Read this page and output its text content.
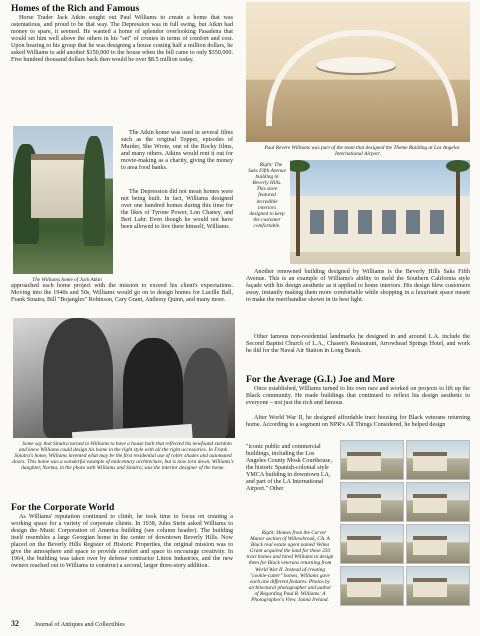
Homes of the Rich and Famous

Horse Trader Jack Atkin sought out Paul Williams to create a home that was ostentatious, and proud to be that way. The Depression was in full swing, but Atkin had money to spare, it seemed. He wanted a home of splendor overlooking Pasadena that would set him well above the others in his "set" of cronies in terms of comfort and cost. Upon bearing to his group that he was designing a house costing half a million dollars, he asked Williams to add another $150,000 to the house when the bill came to only $350,000. Five hundred thousand dollars back then would be over $8.5 million today.

The Williams home of Jack Atkin

The Atkin home was used in several films such as the original Topper, episodes of Murder, She Wrote, one of the Rocky films, and many others. Atkins would rent it out for movie-making as a charity, giving the money to area food banks.

The Depression did not mean homes were not being built. In fact, Williams designed over one hundred homes during this time for the likes of Tyrone Power, Lon Chaney, and Bert Lahr. Even though he would not have been allowed to live there himself, Williams

approached each home project with the mission to exceed his client's expectations. Moving into the 1940s and 50s, Williams would go on to design homes for Lucille Ball, Frank Sinatra, Bill "Bojangles" Robinson, Cary Grant, Anthony Quinn, and many more.

Some say that Sinatra turned to Williams to have a house built that reflected his newfound stardom and knew Williams could design his home in the right style with all the right accessories. In Frank Sinatra's home, Williams invented what may be the first residential use of roller shades and automated doors. This home was a wonderful example of midcentury architecture, but is now torn down. Williams's daughter, Norma, in the photo with Williams and Sinatra, was the interior designer of the home.

For the Corporate World

As Williams' reputation continued to climb, he took time to focus on creating a working space for a variety of corporate clients. In 1938, Jules Stein asked Williams to design the Music Corporation of America building (see column header). The building itself resembles a large Georgian home in the center of downtown Beverly Hills. Now placed on the Beverly Hills Register of Historic Properties, the original mission was to give the atmosphere and space to provide comfort and space to encourage creativity. In 1964, the building was taken over by defense contractor Litton Industries, and the new owners reached out to Williams to construct a second, larger three-story addition.

Paul Revere Williams was part of the team that designed the Theme Building at Los Angeles International Airport.

Right: The Saks Fifth Avenue building in Beverly Hills. This store featured incredible interiors designed to keep the customer comfortable.

Another renowned building designed by Williams is the Beverly Hills Saks Fifth Avenue. This is an example of Williams's ability to meld the Southern California style façade with his design aesthetic as it applied to home interiors. His design blew customers away, instantly making them more comfortable while shopping in a luxuriant space meant to make the merchandise shown in its best light.

Other famous non-residential landmarks he designed in and around L.A. include the Second Baptist Church of L.A., Chasen's Restaurant, Arrowhead Springs Hotel, and work he did for the Naval Air Station in Long Beach.

For the Average (G.I.) Joe and More

Once established, Williams turned to his own race and worked on projects to lift up the Black community. He made buildings that continued to reflect his design aesthetic to everyone – not just the rich and famous.

After World War II, he designed affordable tract housing for Black veterans returning home. According to a segment on NPR's All Things Considered, he helped design

"iconic public and commercial buildings, including the Los Angeles County Mosk Courthouse, the historic Spanish-colonial style YMCA building in downtown LA, and part of the LA International Airport." Other

Right: Homes from the Carver Manor section of Willowbrook, CA. A Black real estate agent named Velma Grant acquired the land for these 250 tract homes and hired Williams to design them for Black veterans returning from World War II. Instead of creating "cookie-cutter" homes, Williams gave each one different features. Photos by architectural photographer and author of Regarding Paul R. Williams: A Photographer's View, Janna Ireland.

32	Journal of Antiques and Collectibles
